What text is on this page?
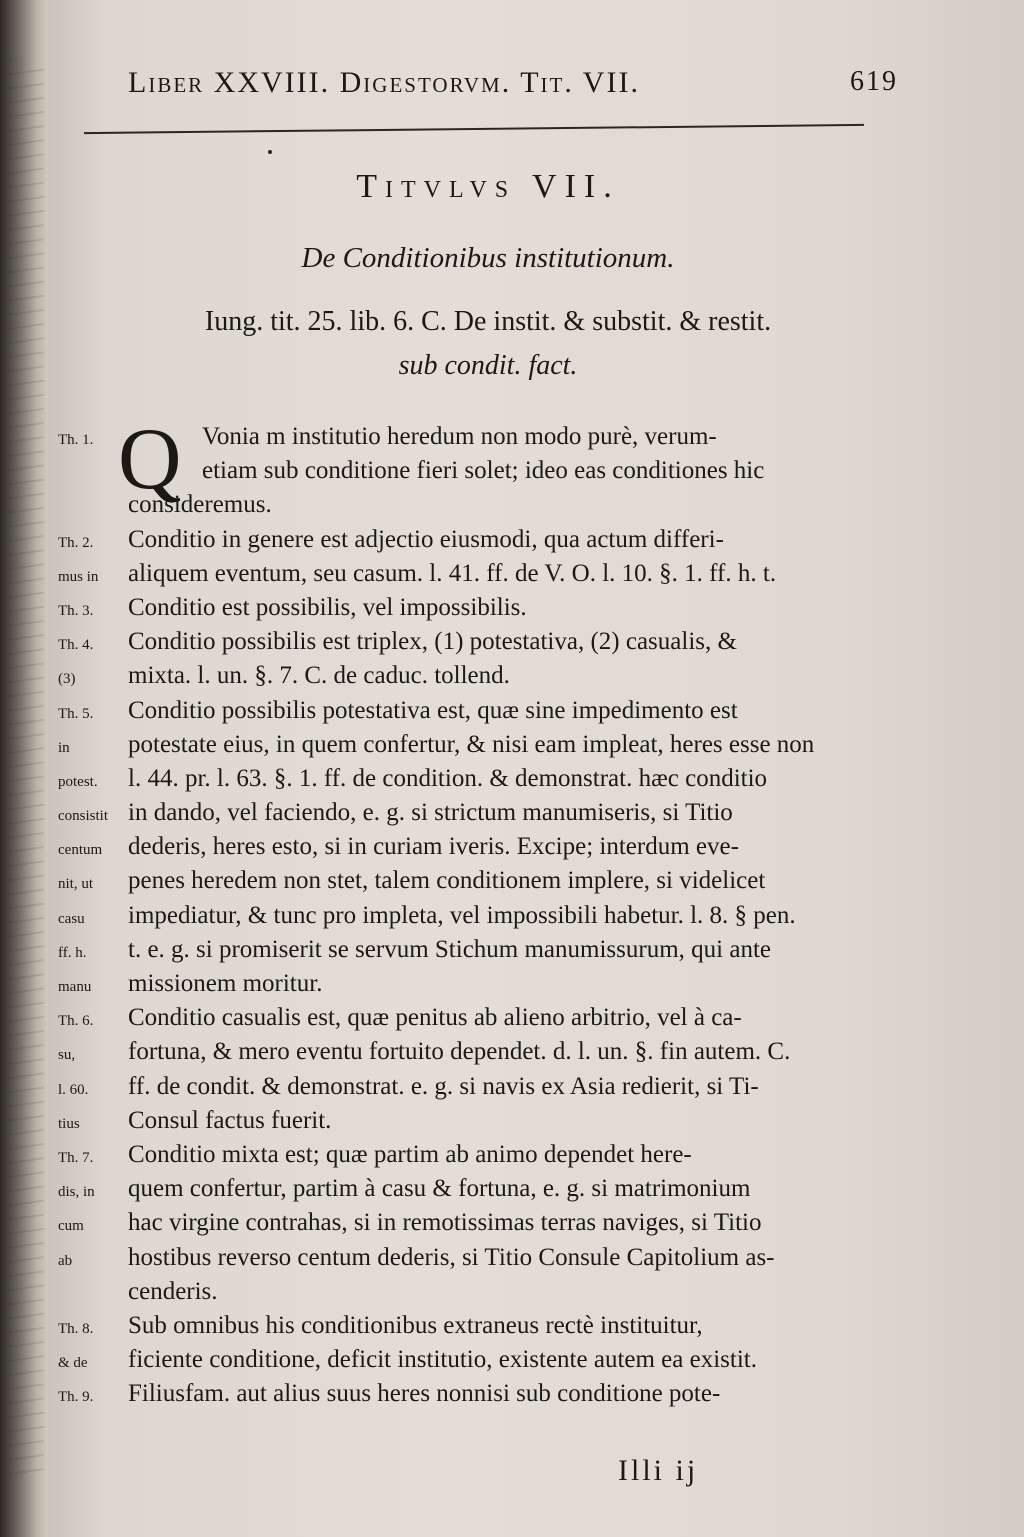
Liber XXVIII. Digestorvm. Tit. VII.	619
Titvlvs VII.
De Conditionibus institutionum.
Iung. tit. 25. lib. 6. C. De instit. & substit. & restit.
sub condit. fact.
Q
Th. 1.	Vonia m institutio heredum non modo purè, verum-
etiam sub conditione fieri solet; ideo eas conditiones hic
consideremus.
Th. 2. Conditio in genere est adjectio eiusmodi, qua actum differi-
mus in aliquem eventum, seu casum. l. 41. ff. de V. O. l. 10. §. 1. ff. h. t.
Th. 3. Conditio est possibilis, vel impossibilis.
Th. 4. Conditio possibilis est triplex, (1) potestativa, (2) casualis, &
(3) mixta. l. un. §. 7. C. de caduc. tollend.
Th. 5. Conditio possibilis potestativa est, quæ sine impedimento est
in potestate eius, in quem confertur, & nisi eam impleat, heres esse non
potest. l. 44. pr. l. 63. §. 1. ff. de condition. & demonstrat. hæc conditio
consistit in dando, vel faciendo, e. g. si strictum manumiseris, si Titio
centum dederis, heres esto, si in curiam iveris. Excipe; interdum eve-
nit, ut penes heredem non stet, talem conditionem implere, si videlicet
casu impediatur, & tunc pro impleta, vel impossibili habetur. l. 8. § pen.
ff. h. t. e. g. si promiserit se servum Stichum manumissurum, qui ante
manu missionem moritur.
Th. 6. Conditio casualis est, quæ penitus ab alieno arbitrio, vel à ca-
su, fortuna, & mero eventu fortuito dependet. d. l. un. §. fin autem. C.
l. 60. ff. de condit. & demonstrat. e. g. si navis ex Asia redierit, si Ti-
tius Consul factus fuerit.
Th. 7. Conditio mixta est; quæ partim ab animo dependet here-
dis, in quem confertur, partim à casu & fortuna, e. g. si matrimonium
cum hac virgine contrahas, si in remotissimas terras naviges, si Titio
ab hostibus reverso centum dederis, si Titio Consule Capitolium as-
cenderis.
Th. 8. Sub omnibus his conditionibus extraneus rectè instituitur,
& de ficiente conditione, deficit institutio, existente autem ea existit.
Th. 9. Filiusfam. aut alius suus heres nonnisi sub conditione pote-
Illi ij
